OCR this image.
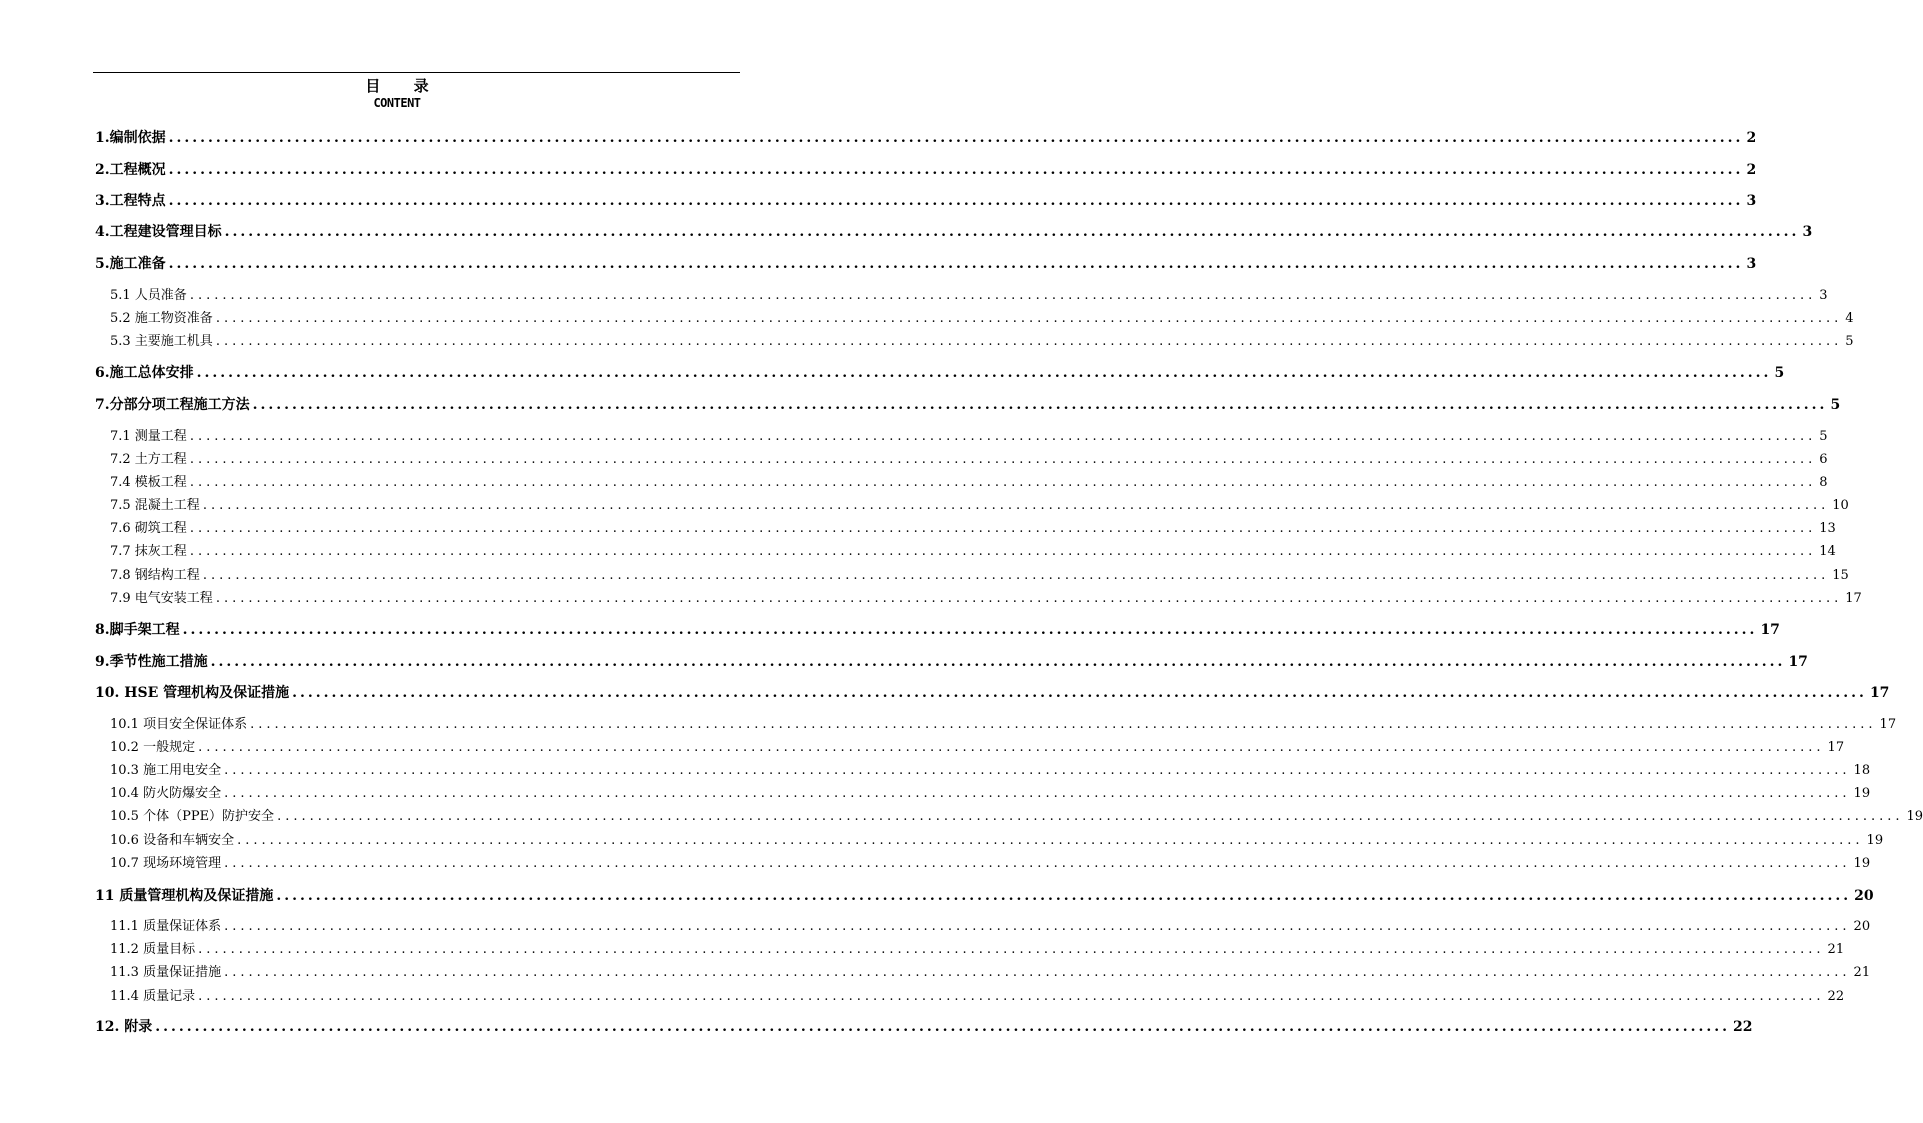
目 录
CONTENT
1.编制依据 ........................................................................................................................................................................................................ 2
2.工程概况 ........................................................................................................................................................................................................ 2
3.工程特点 ........................................................................................................................................................................................................ 3
4.工程建设管理目标 ........................................................................................................................................................................................................ 3
5.施工准备 ........................................................................................................................................................................................................ 3
5.1 人员准备 ........................................................................................................................................................................................................ 3
5.2 施工物资准备 ........................................................................................................................................................................................................ 4
5.3 主要施工机具 ........................................................................................................................................................................................................ 5
6.施工总体安排 ........................................................................................................................................................................................................ 5
7.分部分项工程施工方法 ........................................................................................................................................................................................................ 5
7.1 测量工程 ........................................................................................................................................................................................................ 5
7.2 土方工程 ........................................................................................................................................................................................................ 6
7.4 模板工程 ........................................................................................................................................................................................................ 8
7.5 混凝土工程 ........................................................................................................................................................................................................ 10
7.6 砌筑工程 ........................................................................................................................................................................................................ 13
7.7 抹灰工程 ........................................................................................................................................................................................................ 14
7.8 钢结构工程 ........................................................................................................................................................................................................ 15
7.9 电气安装工程 ........................................................................................................................................................................................................ 17
8.脚手架工程 ........................................................................................................................................................................................................ 17
9.季节性施工措施 ........................................................................................................................................................................................................ 17
10. HSE 管理机构及保证措施 ........................................................................................................................................................................................................ 17
10.1 项目安全保证体系 ........................................................................................................................................................................................................ 17
10.2 一般规定 ........................................................................................................................................................................................................ 17
10.3 施工用电安全 ........................................................................................................................................................................................................ 18
10.4 防火防爆安全 ........................................................................................................................................................................................................ 19
10.5 个体（PPE）防护安全 ........................................................................................................................................................................................................ 19
10.6 设备和车辆安全 ........................................................................................................................................................................................................ 19
10.7 现场环境管理 ........................................................................................................................................................................................................ 19
11 质量管理机构及保证措施 ........................................................................................................................................................................................................ 20
11.1 质量保证体系 ........................................................................................................................................................................................................ 20
11.2 质量目标 ........................................................................................................................................................................................................ 21
11.3 质量保证措施 ........................................................................................................................................................................................................ 21
11.4 质量记录 ........................................................................................................................................................................................................ 22
12. 附录 ........................................................................................................................................................................................................ 22
